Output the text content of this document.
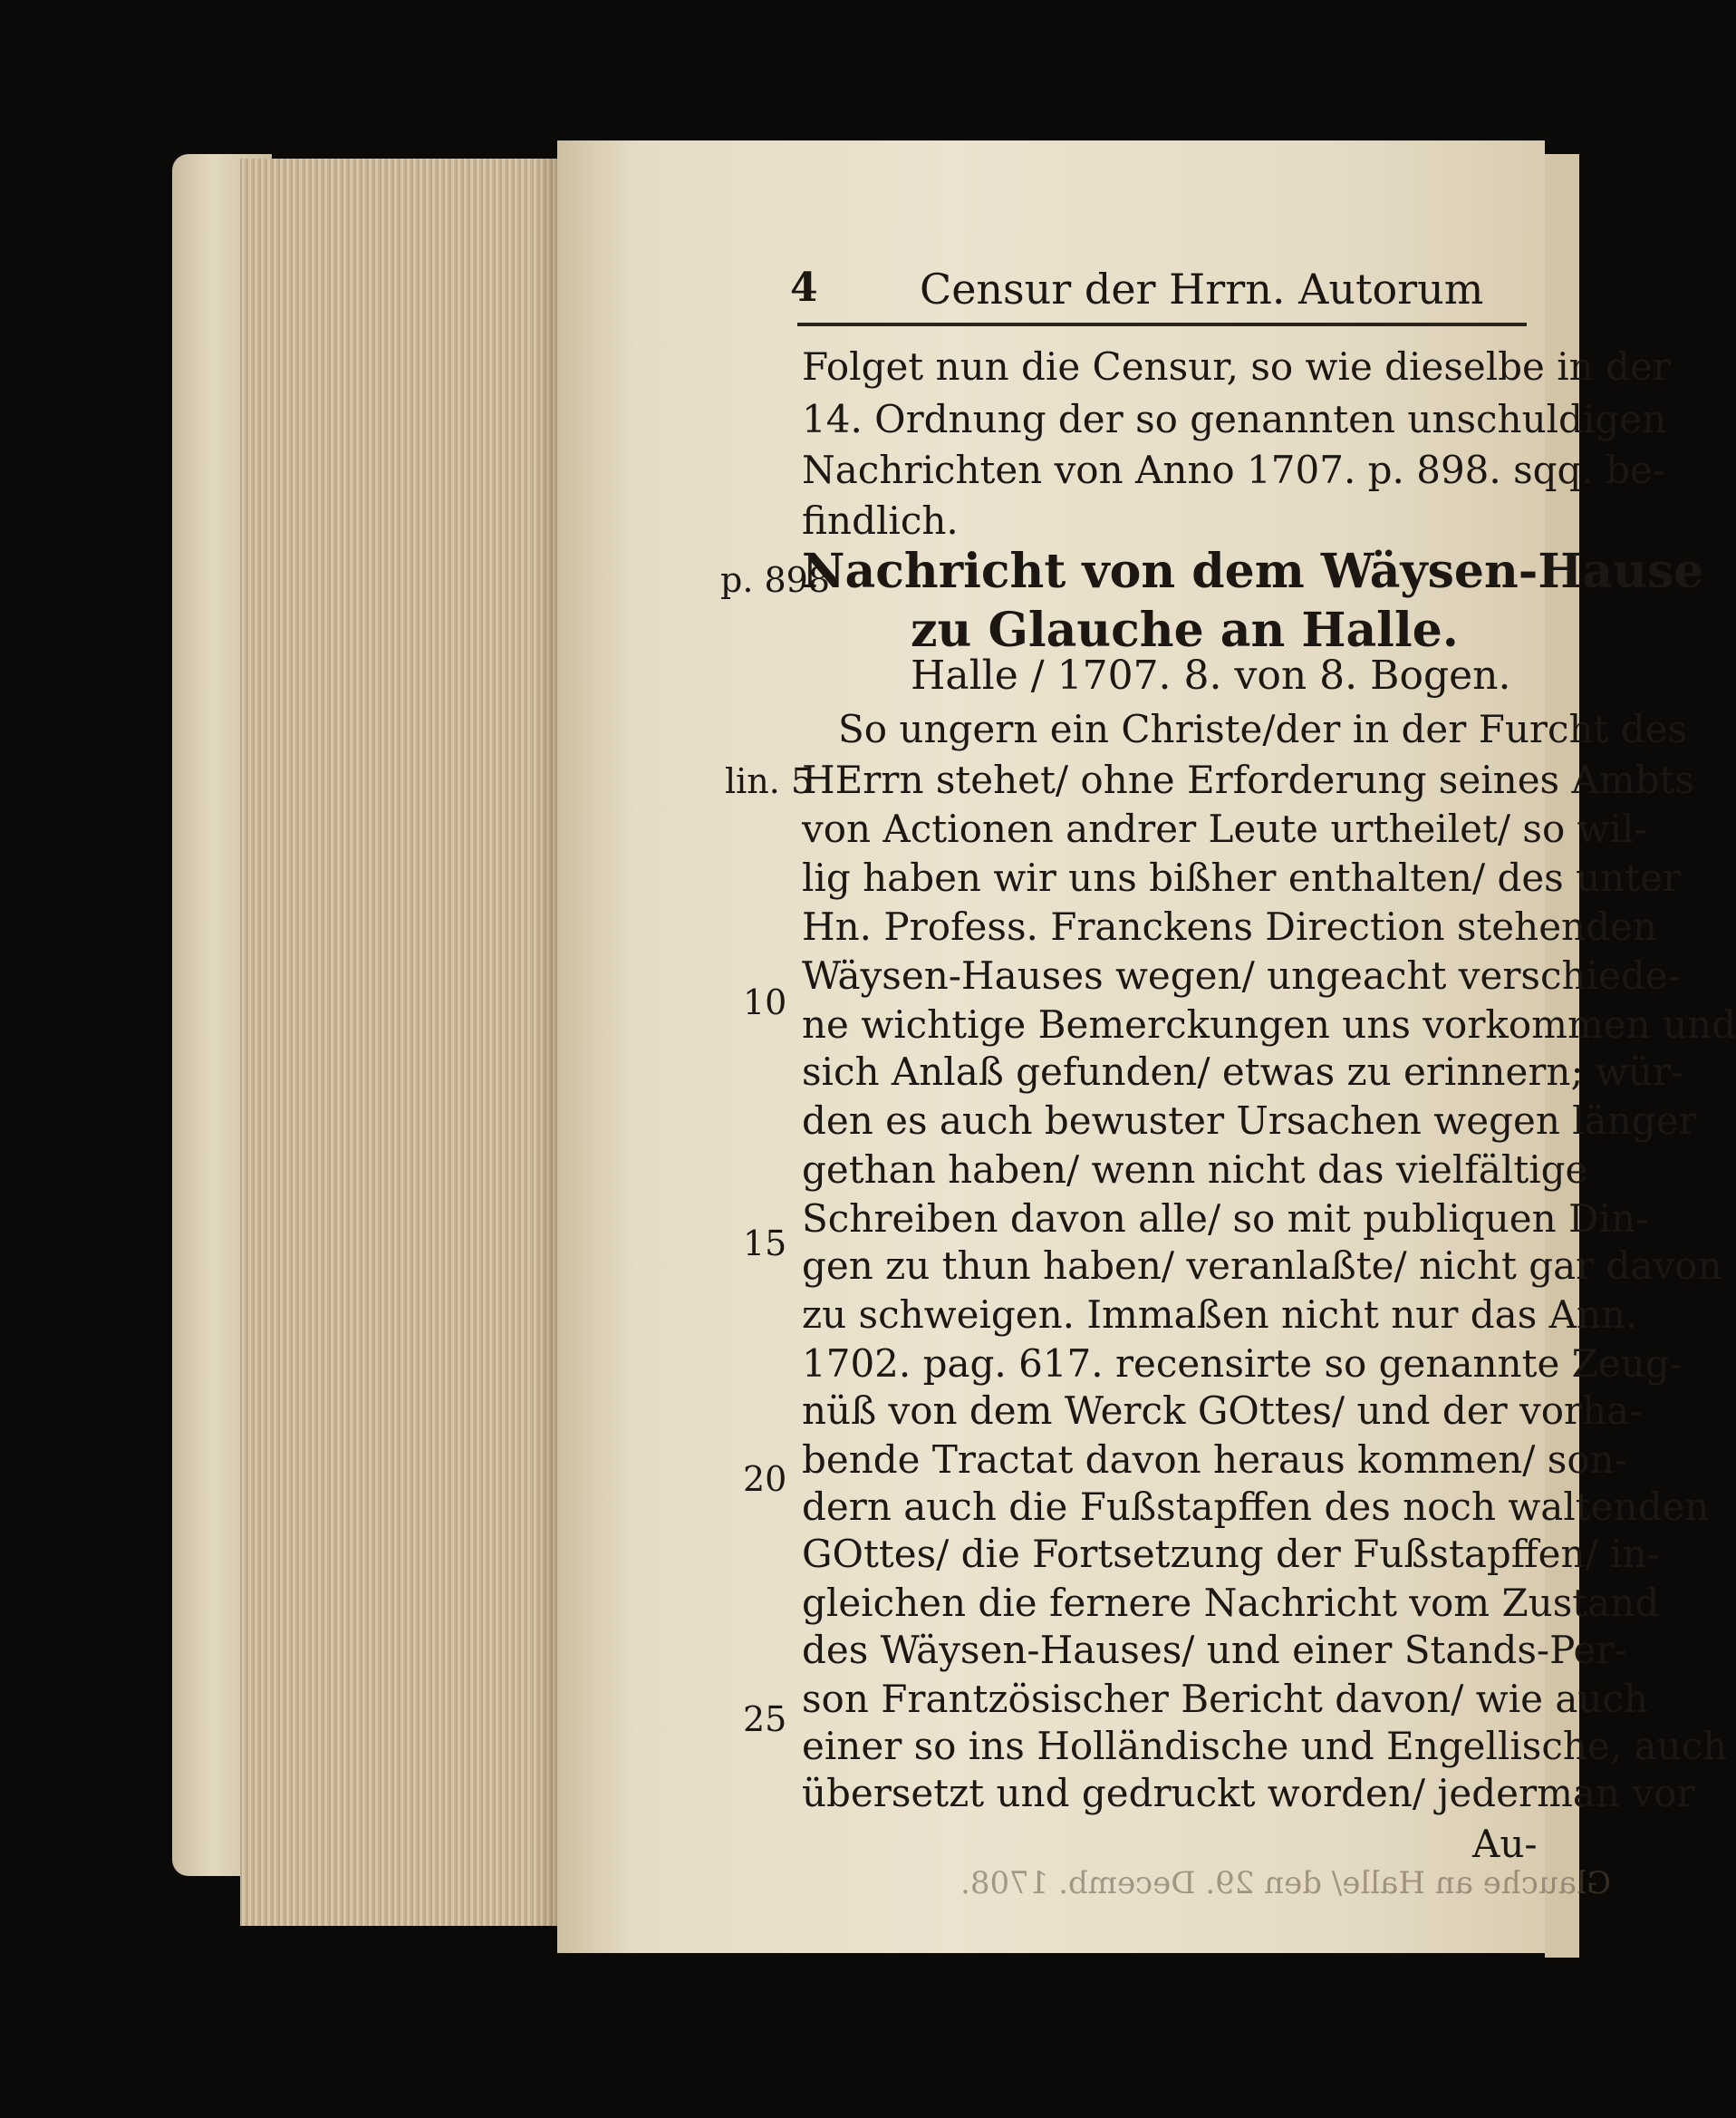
4 Censur der Hrrn. Autorum
Folget nun die Censur, so wie dieselbe in der
14. Ordnung der so genannten unschuldigen
Nachrichten von Anno 1707. p. 898. sqq. be-
findlich.
p. 898
Nachricht von dem Wäysen-Hause
zu Glauche an Halle.
Halle / 1707. 8. von 8. Bogen.
lin. 5
10
15
20
25
So ungern ein Christe/der in der Furcht des
HErrn stehet/ ohne Erforderung seines Ambts
von Actionen andrer Leute urtheilet/ so wil-
lig haben wir uns bißher enthalten/ des unter
Hn. Profess. Franckens Direction stehenden
Wäysen-Hauses wegen/ ungeacht verschiede-
ne wichtige Bemerckungen uns vorkommen und
sich Anlaß gefunden/ etwas zu erinnern; wür-
den es auch bewuster Ursachen wegen länger
gethan haben/ wenn nicht das vielfältige
Schreiben davon alle/ so mit publiquen Din-
gen zu thun haben/ veranlaßte/ nicht gar davon
zu schweigen. Immaßen nicht nur das Ann.
1702. pag. 617. recensirte so genannte Zeug-
nüß von dem Werck GOttes/ und der vorha-
bende Tractat davon heraus kommen/ son-
dern auch die Fußstapffen des noch waltenden
GOttes/ die Fortsetzung der Fußstapffen/ in-
gleichen die fernere Nachricht vom Zustand
des Wäysen-Hauses/ und einer Stands-Per-
son Frantzösischer Bericht davon/ wie auch
einer so ins Holländische und Engellische, auch
übersetzt und gedruckt worden/ jederman vor
Au-
Glauche an Halle/ den 29. Decemb. 1708.
